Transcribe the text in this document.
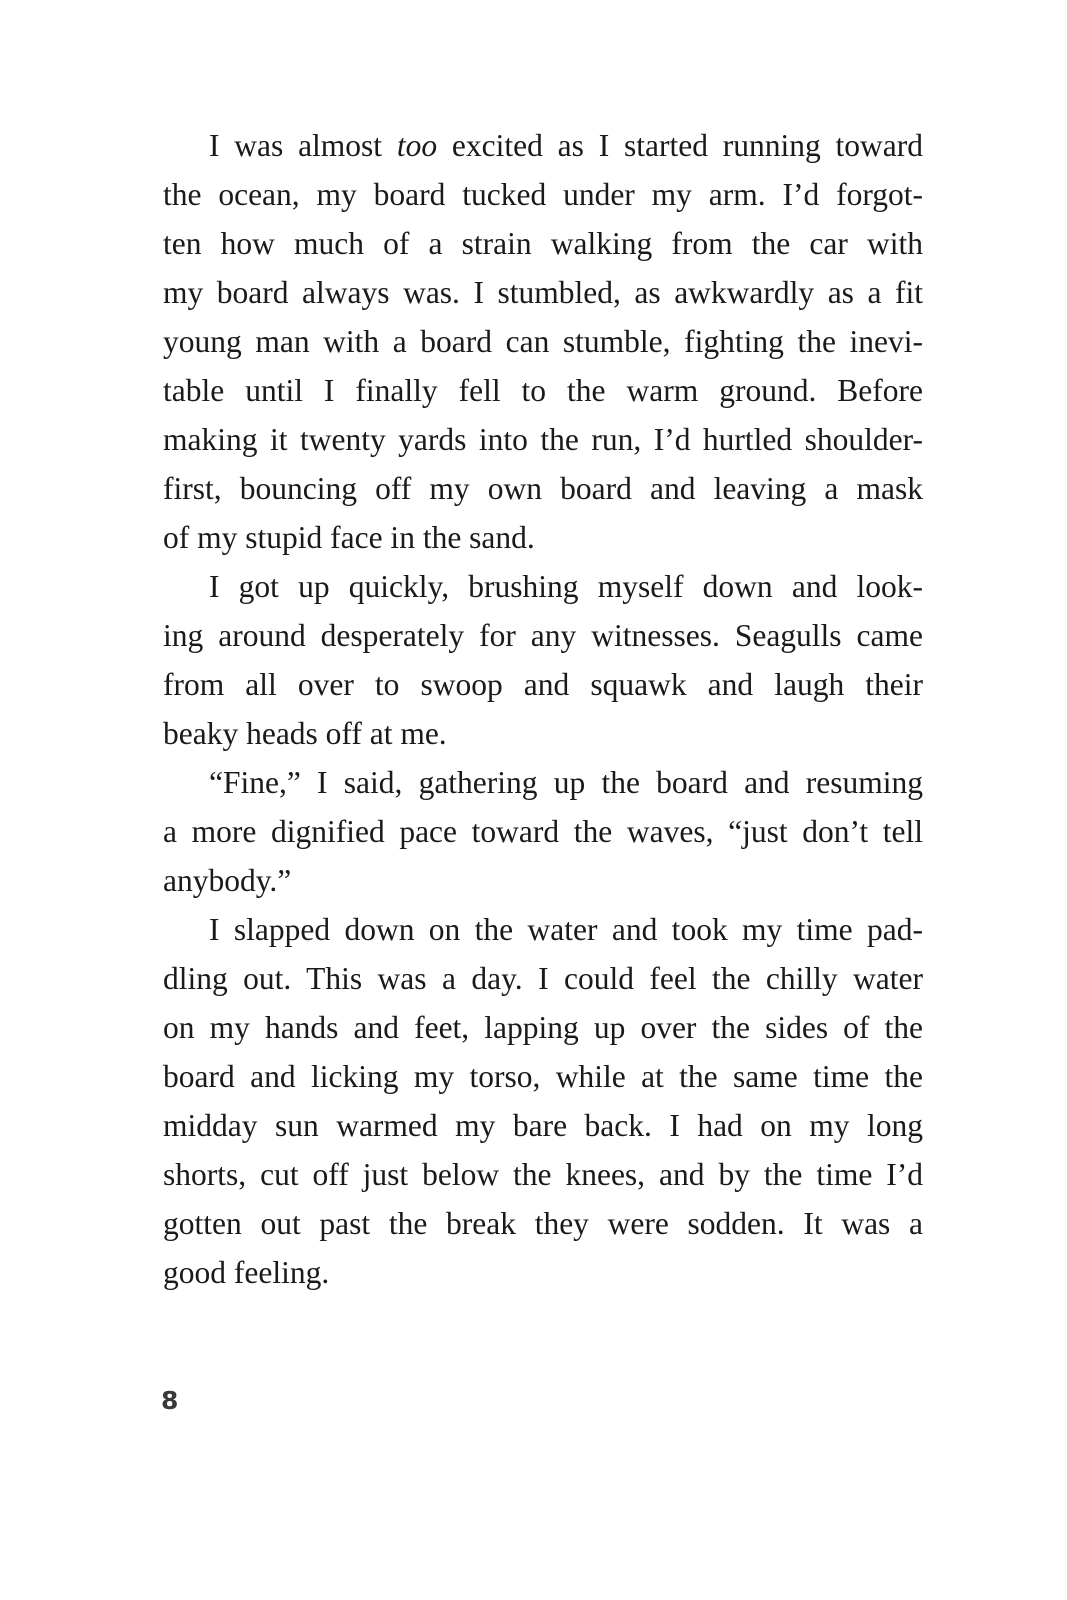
I was almost too excited as I started running toward
the ocean, my board tucked under my arm. I’d forgot-
ten how much of a strain walking from the car with
my board always was. I stumbled, as awkwardly as a fit
young man with a board can stumble, fighting the inevi-
table until I finally fell to the warm ground. Before
making it twenty yards into the run, I’d hurtled shoulder-
first, bouncing off my own board and leaving a mask
of my stupid face in the sand.
I got up quickly, brushing myself down and look-
ing around desperately for any witnesses. Seagulls came
from all over to swoop and squawk and laugh their
beaky heads off at me.
“Fine,” I said, gathering up the board and resuming
a more dignified pace toward the waves, “just don’t tell
anybody.”
I slapped down on the water and took my time pad-
dling out. This was a day. I could feel the chilly water
on my hands and feet, lapping up over the sides of the
board and licking my torso, while at the same time the
midday sun warmed my bare back. I had on my long
shorts, cut off just below the knees, and by the time I’d
gotten out past the break they were sodden. It was a
good feeling.
8
